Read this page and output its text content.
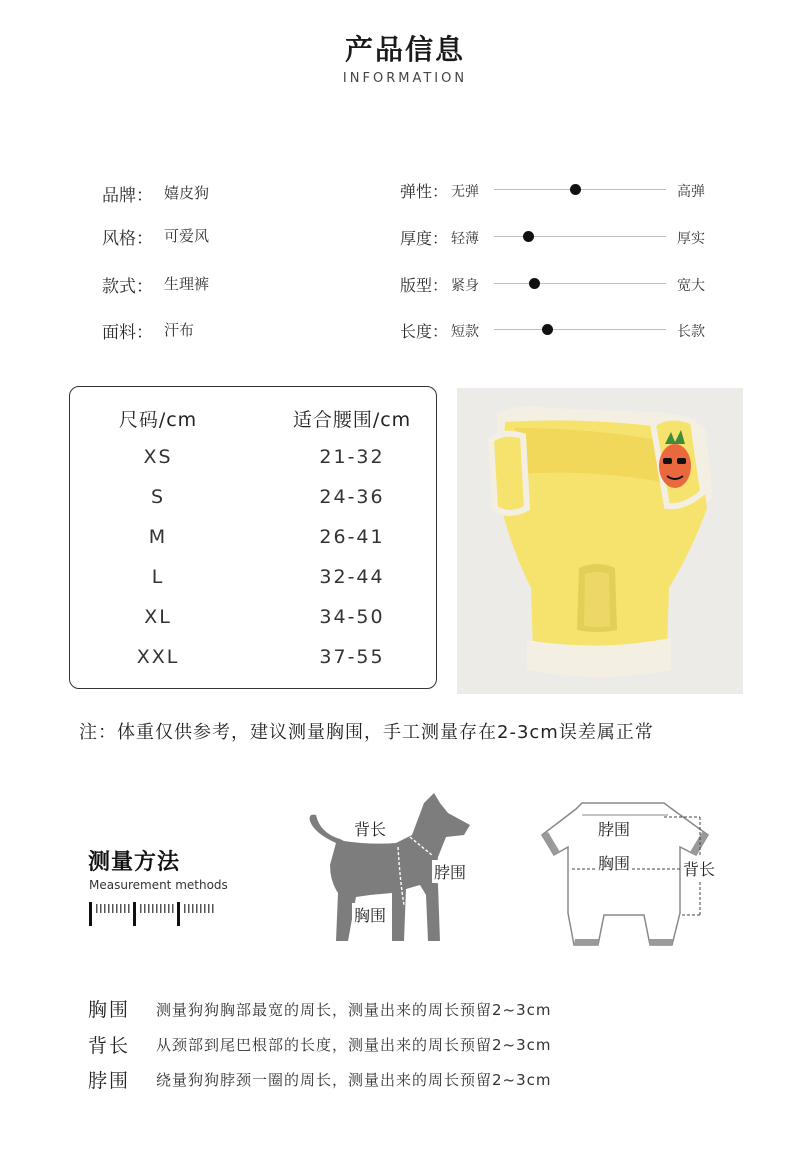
产品信息
INFORMATION
品牌： 嬉皮狗
风格： 可爱风
款式： 生理裤
面料： 汗布
弹性： 无弹	高弹
厚度： 轻薄	厚实
版型： 紧身	宽大
长度： 短款	长款
尺码/cm	适合腰围/cm
XS	21-32
S	24-36
M	26-41
L	32-44
XL	34-50
XXL	37-55
注：体重仅供参考，建议测量胸围，手工测量存在2-3cm误差属正常
测量方法
Measurement methods
背长
脖围
胸围
脖围
胸围	背长
胸围 测量狗狗胸部最宽的周长，测量出来的周长预留2~3cm
背长 从颈部到尾巴根部的长度，测量出来的周长预留2~3cm
脖围 绕量狗狗脖颈一圈的周长，测量出来的周长预留2~3cm
